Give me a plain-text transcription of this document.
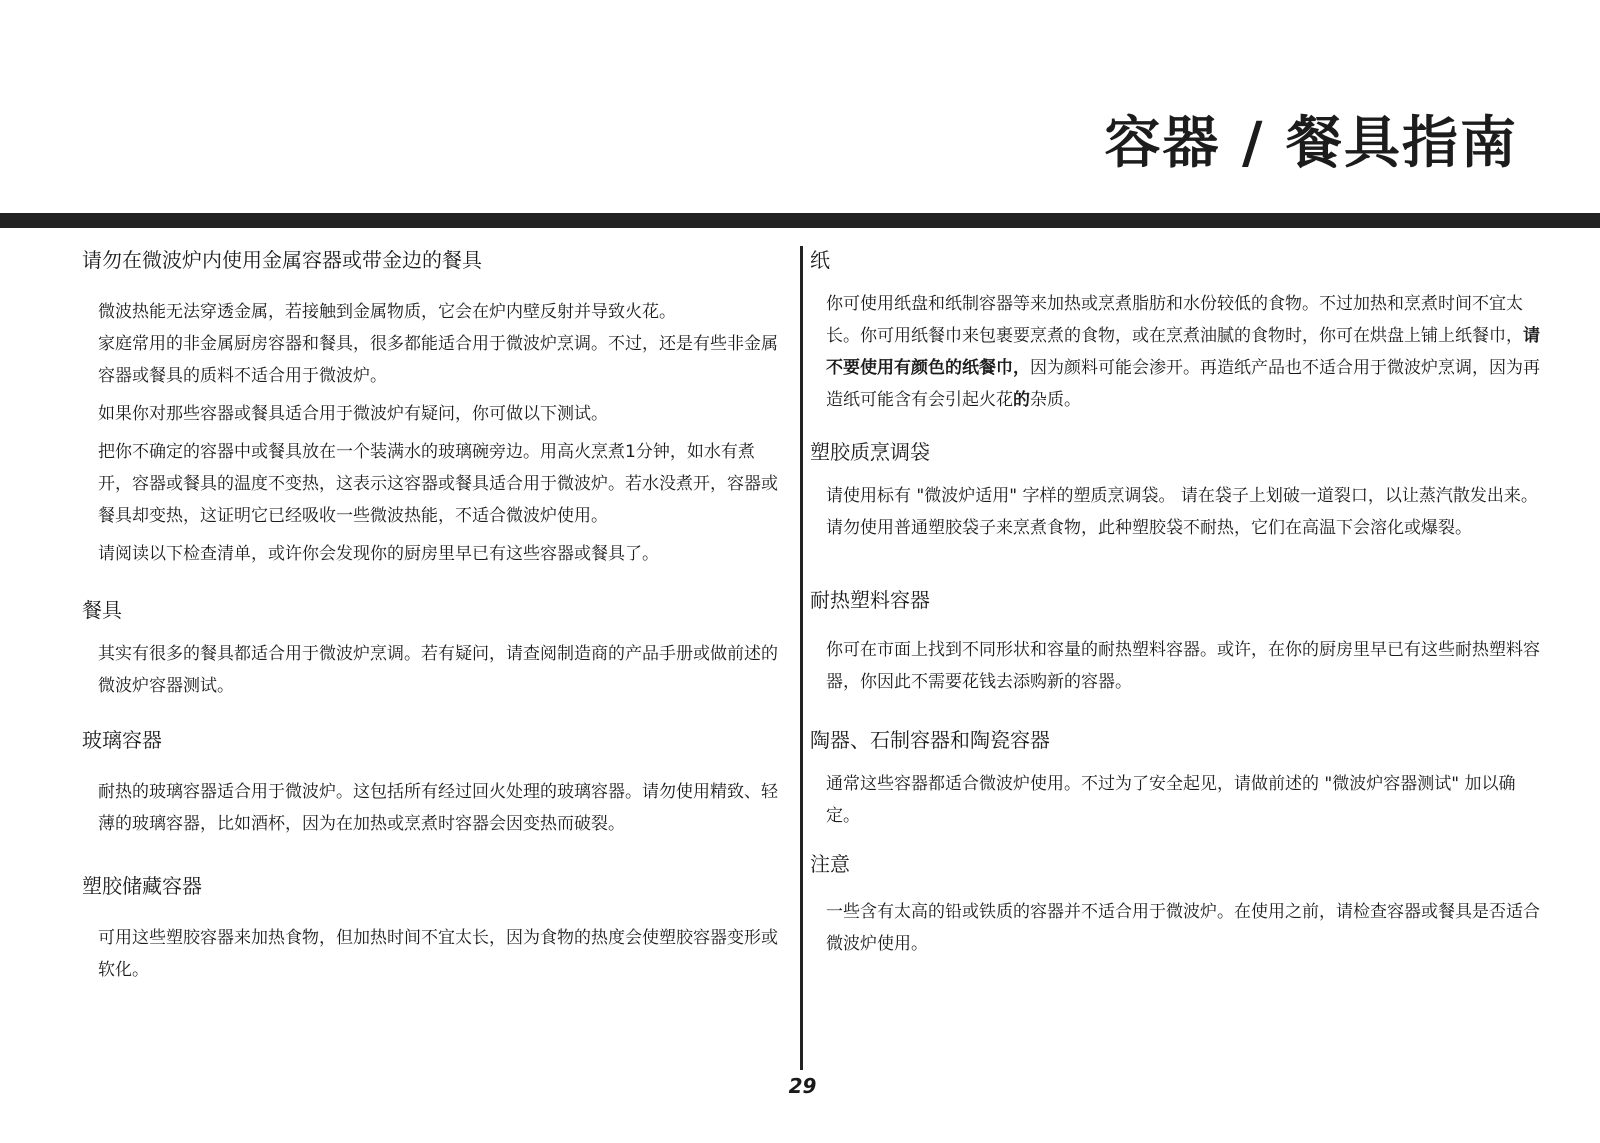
容器 / 餐具指南
请勿在微波炉内使用金属容器或带金边的餐具

微波热能无法穿透金属，若接触到金属物质，它会在炉内壁反射并导致火花。

家庭常用的非金属厨房容器和餐具，很多都能适合用于微波炉烹调。不过，还是有些非金属容器或餐具的质料不适合用于微波炉。

如果你对那些容器或餐具适合用于微波炉有疑问，你可做以下测试。

把你不确定的容器中或餐具放在一个装满水的玻璃碗旁边。用高火烹煮1分钟，如水有煮开，容器或餐具的温度不变热，这表示这容器或餐具适合用于微波炉。若水没煮开，容器或餐具却变热，这证明它已经吸收一些微波热能，不适合微波炉使用。

请阅读以下检查清单，或许你会发现你的厨房里早已有这些容器或餐具了。

餐具

其实有很多的餐具都适合用于微波炉烹调。若有疑问，请查阅制造商的产品手册或做前述的微波炉容器测试。

玻璃容器

耐热的玻璃容器适合用于微波炉。这包括所有经过回火处理的玻璃容器。请勿使用精致、轻薄的玻璃容器，比如酒杯，因为在加热或烹煮时容器会因变热而破裂。

塑胶储藏容器

可用这些塑胶容器来加热食物，但加热时间不宜太长，因为食物的热度会使塑胶容器变形或软化。

纸

你可使用纸盘和纸制容器等来加热或烹煮脂肪和水份较低的食物。不过加热和烹煮时间不宜太长。你可用纸餐巾来包裹要烹煮的食物，或在烹煮油腻的食物时，你可在烘盘上铺上纸餐巾，请不要使用有颜色的纸餐巾，因为颜料可能会渗开。再造纸产品也不适合用于微波炉烹调，因为再造纸可能含有会引起火花的杂质。

塑胶质烹调袋

请使用标有 "微波炉适用" 字样的塑质烹调袋。 请在袋子上划破一道裂口，以让蒸汽散发出来。请勿使用普通塑胶袋子来烹煮食物，此种塑胶袋不耐热，它们在高温下会溶化或爆裂。

耐热塑料容器

你可在市面上找到不同形状和容量的耐热塑料容器。或许，在你的厨房里早已有这些耐热塑料容器，你因此不需要花钱去添购新的容器。

陶器、石制容器和陶瓷容器

通常这些容器都适合微波炉使用。不过为了安全起见，请做前述的 "微波炉容器测试" 加以确定。

注意

一些含有太高的铅或铁质的容器并不适合用于微波炉。在使用之前，请检查容器或餐具是否适合微波炉使用。

29
